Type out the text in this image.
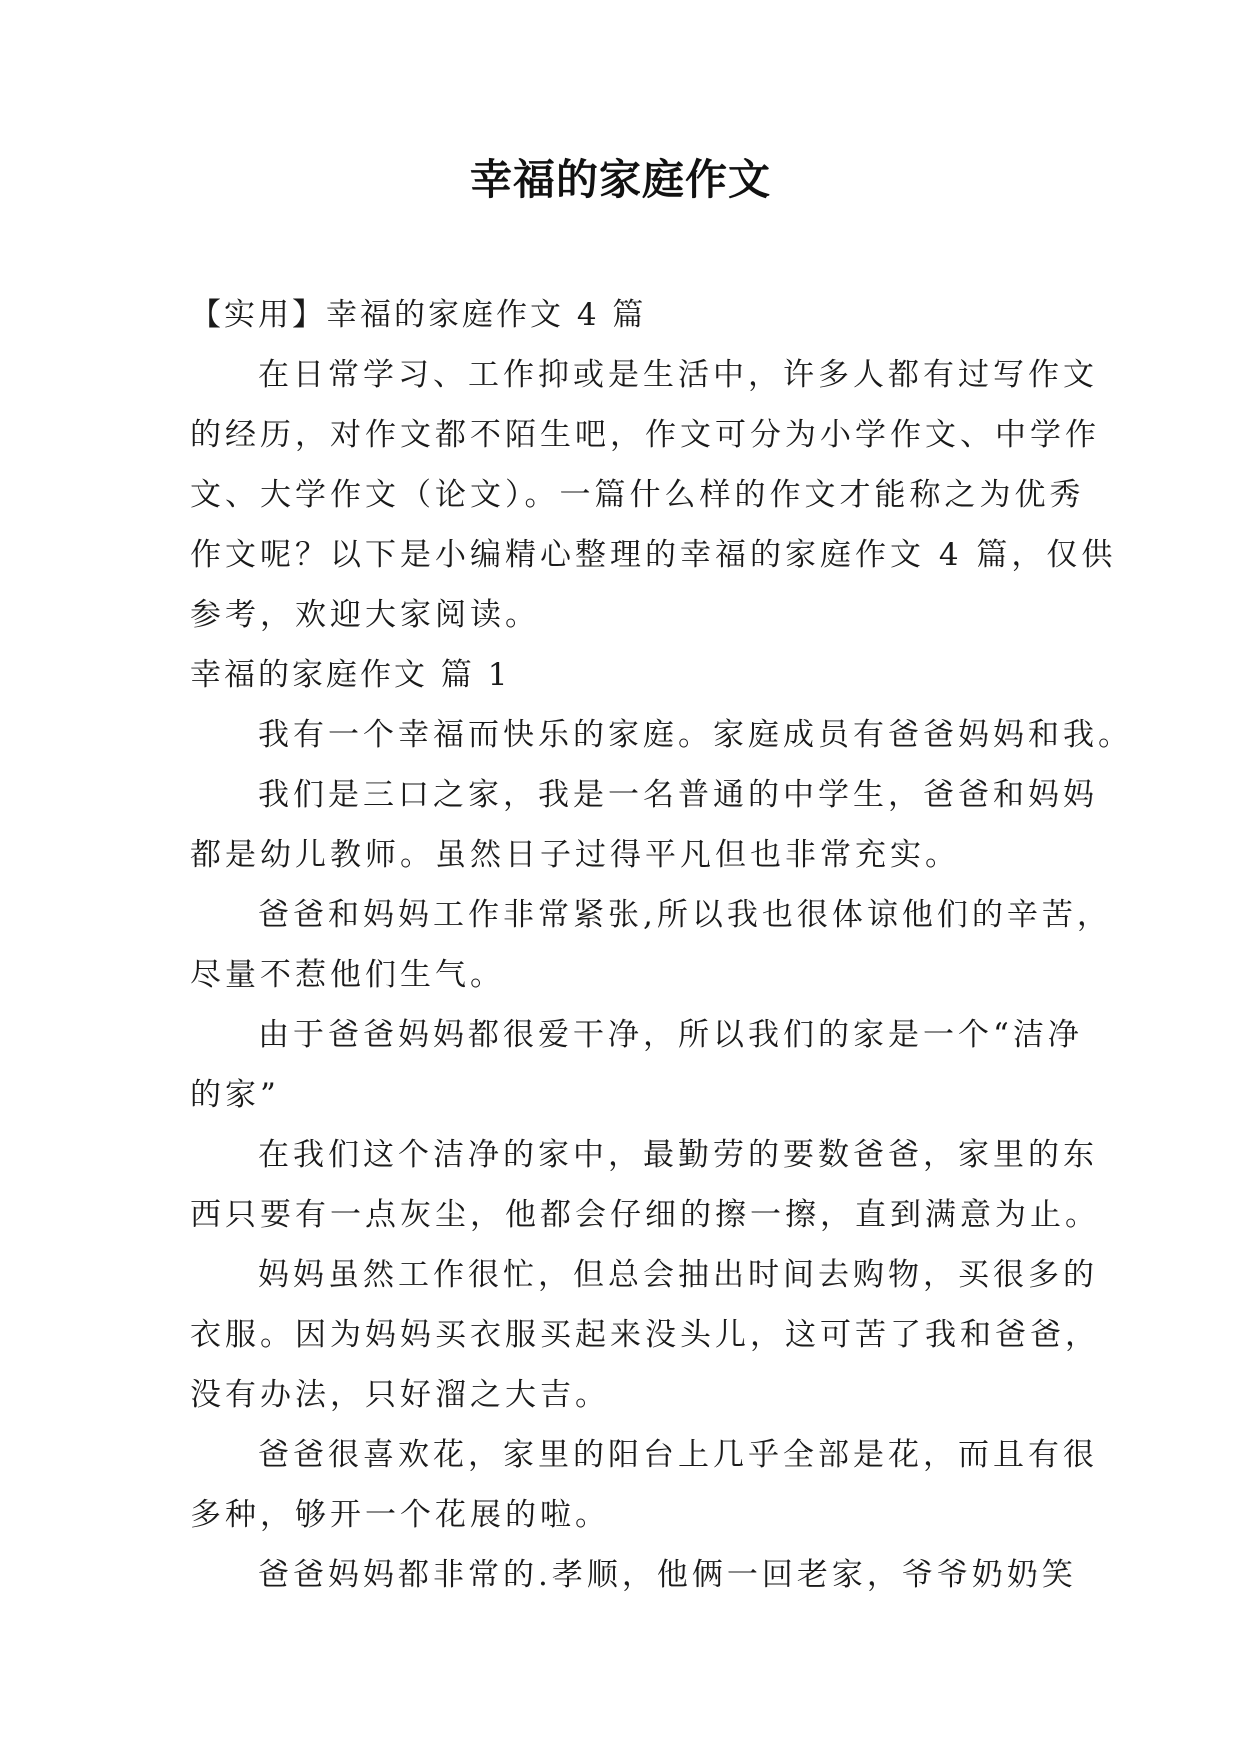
幸福的家庭作文
【实用】幸福的家庭作文 4 篇
在日常学习、工作抑或是生活中，许多人都有过写作文
的经历，对作文都不陌生吧，作文可分为小学作文、中学作
文、大学作文（论文）。一篇什么样的作文才能称之为优秀
作文呢？以下是小编精心整理的幸福的家庭作文 4 篇，仅供
参考，欢迎大家阅读。
幸福的家庭作文 篇 1
我有一个幸福而快乐的家庭。家庭成员有爸爸妈妈和我。
我们是三口之家，我是一名普通的中学生，爸爸和妈妈
都是幼儿教师。虽然日子过得平凡但也非常充实。
爸爸和妈妈工作非常紧张,所以我也很体谅他们的辛苦，
尽量不惹他们生气。
由于爸爸妈妈都很爱干净，所以我们的家是一个“洁净
的家”
在我们这个洁净的家中，最勤劳的要数爸爸，家里的东
西只要有一点灰尘，他都会仔细的擦一擦，直到满意为止。
妈妈虽然工作很忙，但总会抽出时间去购物，买很多的
衣服。因为妈妈买衣服买起来没头儿，这可苦了我和爸爸，
没有办法，只好溜之大吉。
爸爸很喜欢花，家里的阳台上几乎全部是花，而且有很
多种，够开一个花展的啦。
爸爸妈妈都非常的.孝顺，他俩一回老家，爷爷奶奶笑
